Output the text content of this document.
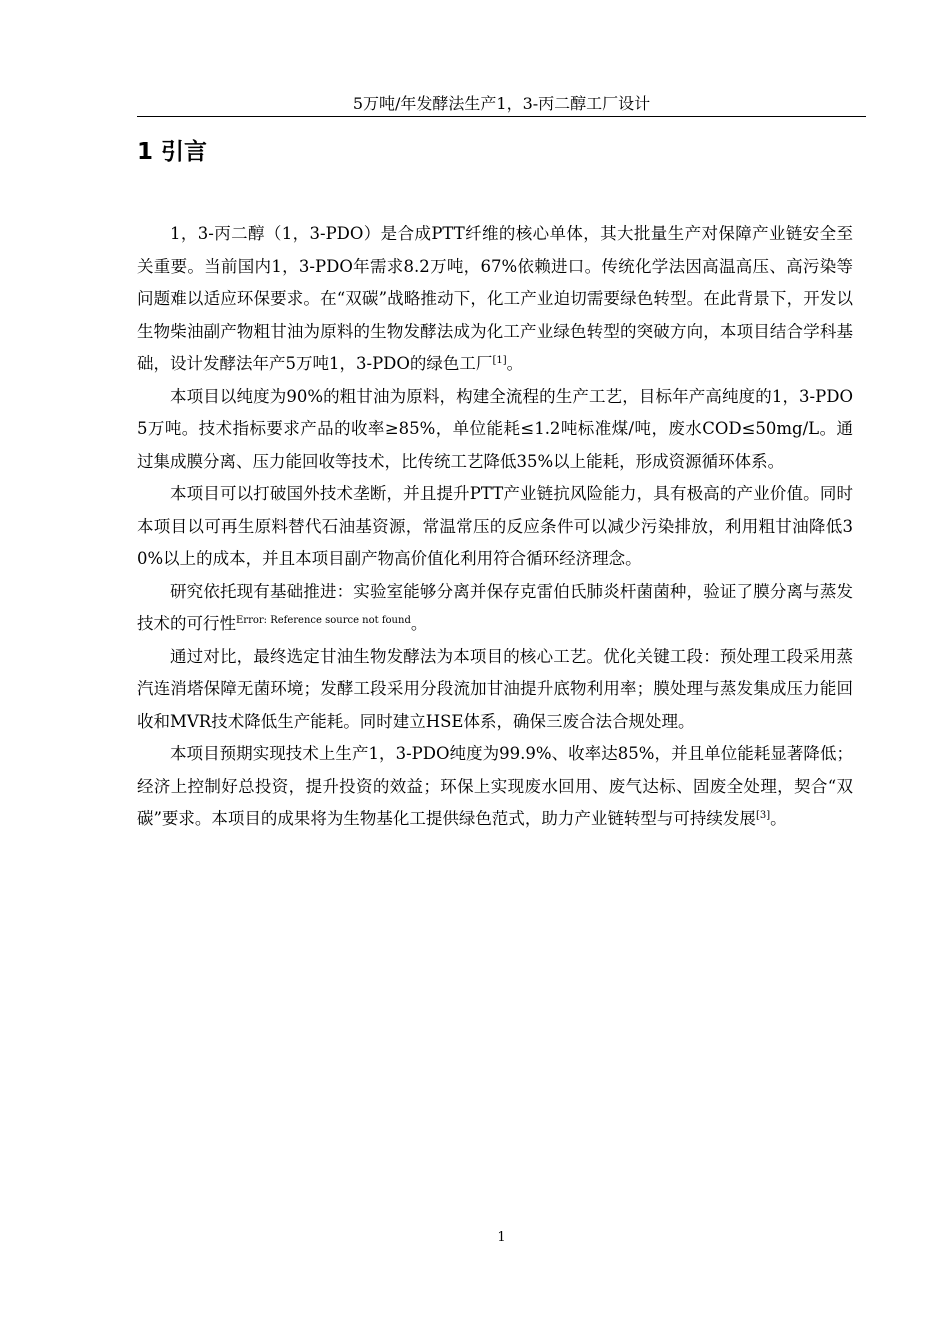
5万吨/年发酵法生产1，3-丙二醇工厂设计
1 引言

1，3-丙二醇（1，3-PDO）是合成PTT纤维的核心单体，其大批量生产对保障产业链安全至关重要。当前国内1，3-PDO年需求8.2万吨，67%依赖进口。传统化学法因高温高压、高污染等问题难以适应环保要求。在“双碳”战略推动下，化工产业迫切需要绿色转型。在此背景下，开发以生物柴油副产物粗甘油为原料的生物发酵法成为化工产业绿色转型的突破方向，本项目结合学科基础，设计发酵法年产5万吨1，3-PDO的绿色工厂[1]。

本项目以纯度为90%的粗甘油为原料，构建全流程的生产工艺，目标年产高纯度的1，3-PDO 5万吨。技术指标要求产品的收率≥85%，单位能耗≤1.2吨标准煤/吨，废水COD≤50mg/L。通过集成膜分离、压力能回收等技术，比传统工艺降低35%以上能耗，形成资源循环体系。

本项目可以打破国外技术垄断，并且提升PTT产业链抗风险能力，具有极高的产业价值。同时本项目以可再生原料替代石油基资源，常温常压的反应条件可以减少污染排放，利用粗甘油降低30%以上的成本，并且本项目副产物高价值化利用符合循环经济理念。

研究依托现有基础推进：实验室能够分离并保存克雷伯氏肺炎杆菌菌种，验证了膜分离与蒸发技术的可行性$^{Error: Reference source not found}$。

通过对比，最终选定甘油生物发酵法为本项目的核心工艺。优化关键工段：预处理工段采用蒸汽连消塔保障无菌环境；发酵工段采用分段流加甘油提升底物利用率；膜处理与蒸发集成压力能回收和MVR技术降低生产能耗。同时建立HSE体系，确保三废合法合规处理。

本项目预期实现技术上生产1，3-PDO纯度为99.9%、收率达85%，并且单位能耗显著降低；经济上控制好总投资，提升投资的效益；环保上实现废水回用、废气达标、固废全处理，契合“双碳”要求。本项目的成果将为生物基化工提供绿色范式，助力产业链转型与可持续发展[3]。

1
